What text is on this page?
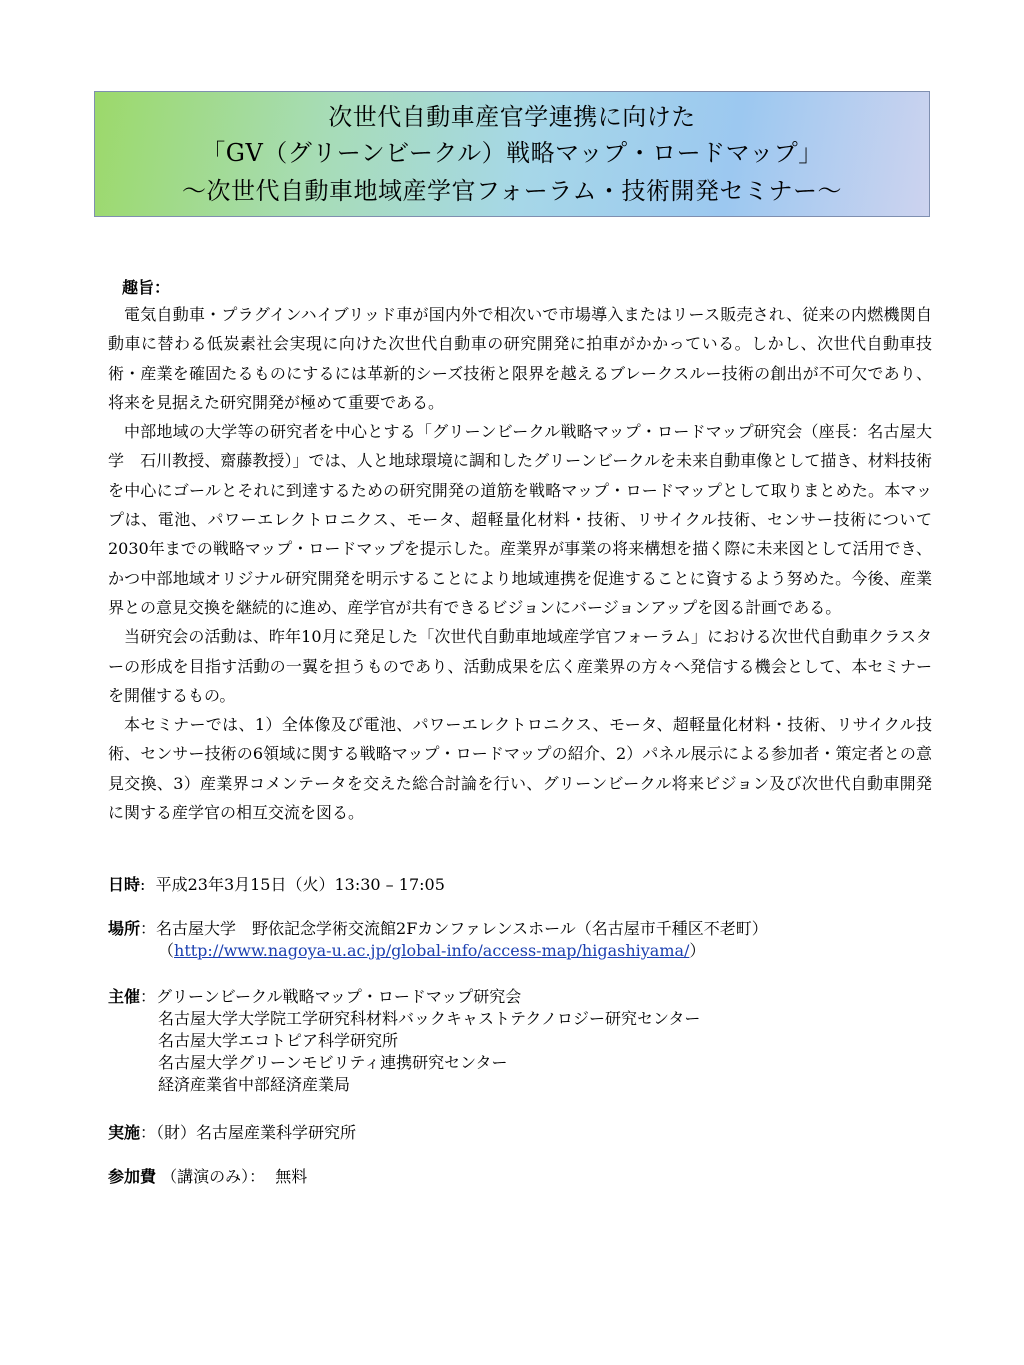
次世代自動車産官学連携に向けた
「GV（グリーンビークル）戦略マップ・ロードマップ」
～次世代自動車地域産学官フォーラム・技術開発セミナー～
趣旨：

電気自動車・プラグインハイブリッド車が国内外で相次いで市場導入またはリース販売され、従来の内燃機関自動車に替わる低炭素社会実現に向けた次世代自動車の研究開発に拍車がかかっている。しかし、次世代自動車技術・産業を確固たるものにするには革新的シーズ技術と限界を越えるブレークスルー技術の創出が不可欠であり、将来を見据えた研究開発が極めて重要である。

中部地域の大学等の研究者を中心とする「グリーンビークル戦略マップ・ロードマップ研究会（座長：名古屋大学　石川教授、齋藤教授）」では、人と地球環境に調和したグリーンビークルを未来自動車像として描き、材料技術を中心にゴールとそれに到達するための研究開発の道筋を戦略マップ・ロードマップとして取りまとめた。本マップは、電池、パワーエレクトロニクス、モータ、超軽量化材料・技術、リサイクル技術、センサー技術について2030年までの戦略マップ・ロードマップを提示した。産業界が事業の将来構想を描く際に未来図として活用でき、かつ中部地域オリジナル研究開発を明示することにより地域連携を促進することに資するよう努めた。今後、産業界との意見交換を継続的に進め、産学官が共有できるビジョンにバージョンアップを図る計画である。

当研究会の活動は、昨年10月に発足した「次世代自動車地域産学官フォーラム」における次世代自動車クラスターの形成を目指す活動の一翼を担うものであり、活動成果を広く産業界の方々へ発信する機会として、本セミナーを開催するもの。

本セミナーでは、1）全体像及び電池、パワーエレクトロニクス、モータ、超軽量化材料・技術、リサイクル技術、センサー技術の6領域に関する戦略マップ・ロードマップの紹介、2）パネル展示による参加者・策定者との意見交換、3）産業界コメンテータを交えた総合討論を行い、グリーンビークル将来ビジョン及び次世代自動車開発に関する産学官の相互交流を図る。

日時: 平成23年3月15日（火）13:30 – 17:05
場所：名古屋大学　野依記念学術交流館2Fカンファレンスホール（名古屋市千種区不老町）
（http://www.nagoya-u.ac.jp/global-info/access-map/higashiyama/）
主催：グリーンビークル戦略マップ・ロードマップ研究会
名古屋大学大学院工学研究科材料バックキャストテクノロジー研究センター
名古屋大学エコトピア科学研究所
名古屋大学グリーンモビリティ連携研究センター
経済産業省中部経済産業局
実施：（財）名古屋産業科学研究所
参加費 （講演のみ）： 無料
